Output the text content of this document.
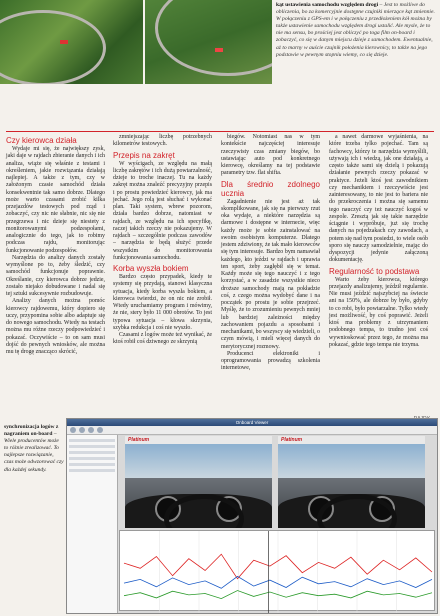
kąt ustawienia samochodu względem drogi – Jest to możliwe do obliczenia, bo za komercyjnie dostępne czujniki mierzące kąt zmiennie. W połączeniu z GPS-em i w połączeniu z przedłożeniem kół można by także ustawienie samochodu względem drogi ustalić. Ale mysle, że to nie ma sensu, bo prościej jest obliczyć po toga film on-board i zobaczyć, co się w danym miejscu dzieje z samochodem. Ewentualnie, aż to marny w auście czujnik położenia kierownicy, to także na jego podstawie w pewnym stopniu wiemy, co się dzieje.
Czy kierowca działa

Wydaje mi się, że największy zysk, jaki daje w rajdach zbieranie danych i ich analiza, wiąże się właśnie z testami i określeniem, jakie rozwiązania działają najlepiej. A także z tym, czy w założonym czasie samochód działa konsekwentnie tak samo dobrze. Dlatego może warto czasami zrobić kilka przejazdów testowych pod rząd i zobaczyć, czy nic nie słabnie, nic się nie przegrzewa i nic dzieje się niestety z monitorowanymi podzespołami, analogicznie do tego, jak to robimy podczas rajdu, monitorując funkcjonowanie podzespołów.

Narzędzia do analizy danych zostały wymyślone po to, żeby śledzić, czy samochód funkcjonuje poprawnie. Określanie, czy kierowca dobrze jedzie, zostało niejako dobudowane i nadal się tej sztuki sukcesywnie rozbudowuje.

Analizy danych można pomóc kierowcy rajdowemu, który dopiero się uczy, przypomina sobie albo adaptuje się do nowego samochodu. Wtedy na testach można mu różne rzeczy podpowiedzieć i pokazać. Oczywiście – to on sam musi dojść do pewnych wniosków, ale można mu tę drogę znacząco skrócić,

zmniejszając liczbę potrzebnych kilometrów testowych.

Przepis na zakręt

W wyścigach, ze względu na małą liczbę zakrętów i ich dużą powtarzalność, dzieje to troche inaczej. Tu na każdy zakręt można znaleźć precyzyjny przepis i po prostu powiedzieć kierowcy, jak ma jechać. Jego rolą jest słuchać i wykonać plan. Taki system, wbrew pozorom, działa bardzo dobrze, natomiast w rajdach, ze względu na ich specyfikę, raczej takich rzeczy nie pokazujemy. W rajdach – szczególnie podczas zawodów – narzędzia te będą służyć przede wszystkim do monitorowania funkcjonowania samochodu.

Korba wyszła bokiem

Bardzo często przypadek, kiedy te systemy się przydają, stanowi klasyczna sytuacja, kiedy korba wyszła bokiem, a kierowca twierdzi, że on nic nie zrobił. Wtedy uruchamiamy program i mówimy, że nie, stery było 11 000 obrotów. To jest typowa sytuacja – kłowa skrzynia, szybka redukcja i coś nie wyszło.

Czasami z logów może też wynikać, że ktoś robił coś dziwnego ze skrzynią

biegów. Notomiast nas w tym kontekście najczęściej interesuje rzeczywisty czas zmiany biegów, bo ustawiając auto pod konkretnego kierowcę, określamy na tej podstawie parametry tzw. flat shifta.

Dla średnio zdolnego ucznia

Zagadnienie nie jest aż tak skomplikowane, jak się na pierwszy rzut oka wydaje, a niektóre narzędzia są darmowe i dostępne w internecie, więc każdy może je sobie zainstalować na swoim osobistym komputerze. Dlatego jestem zdziwiony, że tak mało kierowców się tym interesuje. Bardzo bym namawiał każdego, kto jeździ w rajdach i uprawia ten sport, żeby zagłębił się w temat. Każdy może się tego nauczyć i z tego korzystać, a w zasadzie wszystkie nieco droższe samochody mają na pokładzie coś, z czego można wydobyć dane i na początek po prostu je sobie przejrzeć. Myślę, że to zrozumieniu pewnych mniej lub bardziej zależności między zachowaniem pojazdu a sposobami i mechanikami, bo wszyscy się wiedzieli, o czym mówią, i mieli więcej danych do merytorycznej rozmowy.

Producenci elektroniki i oprogramowania prowadzą szkolenia internetowe,

a nawet darmowe wyjaśnienia, na które trzeba tylko pojechać. Tam są fachowcy, którzy te narzędzia wymyślili, używają ich i wiedzą, jak one działają, a często także sami się dzielą i pokazują działanie pewnych rzeczy pokazać w praktyce. Jeżeli ktoś jest zawodnikiem czy mechanikiem i rzeczywiście jest zainteresowany, to nie jest to bariera nie do przekroczenia i można się samemu tego nauczyć czy też nauczyć kogoś w zespole. Zresztą jak się takie narzędzie ściągnie i wypróbuje, już się trochę danych na pojedzakach czy zawodach, a potem się nad tym posiedzi, to wiele osób sporo się nauczy samodzielnie, mając do dyspozycji jedynie załączoną dokumentację.

Regularność to podstawa

Warto żeby kierowca, którego przejazdy analizujemy, jeździł regularnie. Nie musi jeździć najszybciej na świecie ani na 150%, ale dobrze by było, gdyby to co robi, było powtarzalne. Tylko wtedy jest możliwość, by coś poprawić. Jeżeli ktoś ma problemy z utrzymaniem podobnego tempa, to trudno jest coś wywnioskować przez tego, że można ma pokazać, gdzie tego tempa nie trzyma.

synchronizacja logów z nagraniem on-board – Wiele producentów może to różnie zrealizować. To najlepsze rozwiązanie, czas może odwzorować czy dla każdej sekundy.
Onboard Viewer
Platinum	Platinum
